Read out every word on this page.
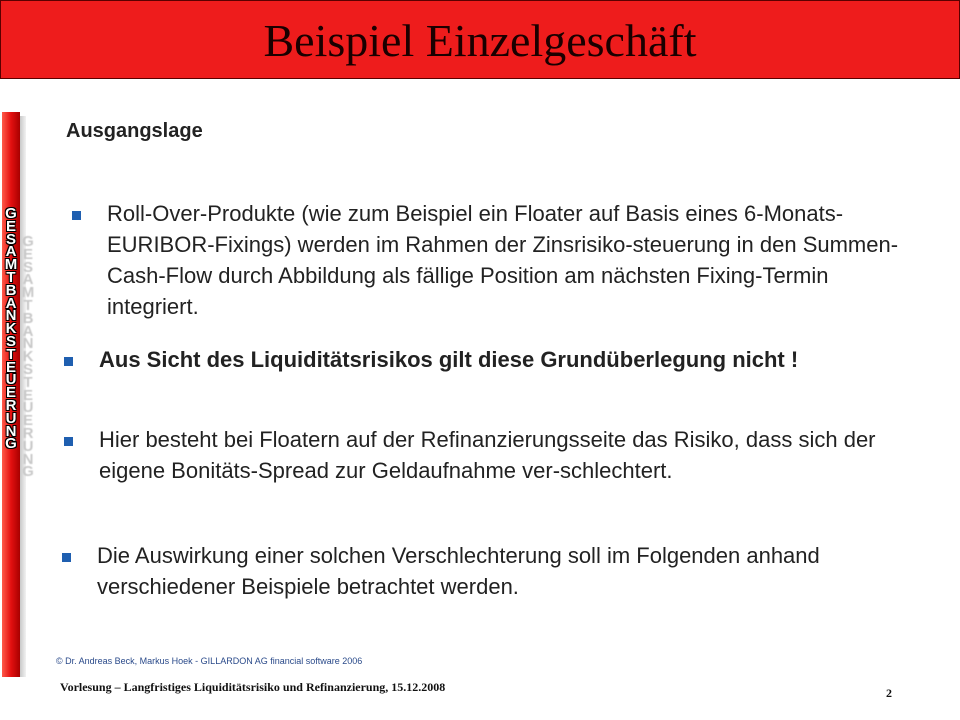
Beispiel Einzelgeschäft
G
E
S
A
M
T
B
A
N
K
S
T
E
U
E
R
U
N
G
G
E
S
A
M
T
B
A
N
K
S
T
E
U
E
R
U
N
G
Ausgangslage
Roll-Over-Produkte (wie zum Beispiel ein Floater auf Basis eines 6-Monats-EURIBOR-Fixings) werden im Rahmen der Zinsrisiko-steuerung in den Summen-Cash-Flow durch Abbildung als fällige Position am nächsten Fixing-Termin integriert.
Aus Sicht des Liquiditätsrisikos gilt diese Grundüberlegung nicht !
Hier besteht bei Floatern auf der Refinanzierungsseite das Risiko, dass sich der eigene Bonitäts-Spread zur Geldaufnahme ver-schlechtert.
Die Auswirkung einer solchen Verschlechterung soll im Folgenden anhand verschiedener Beispiele betrachtet werden.
© Dr. Andreas Beck, Markus Hoek - GILLARDON AG financial software 2006
Vorlesung – Langfristiges Liquiditätsrisiko und Refinanzierung, 15.12.2008	2
